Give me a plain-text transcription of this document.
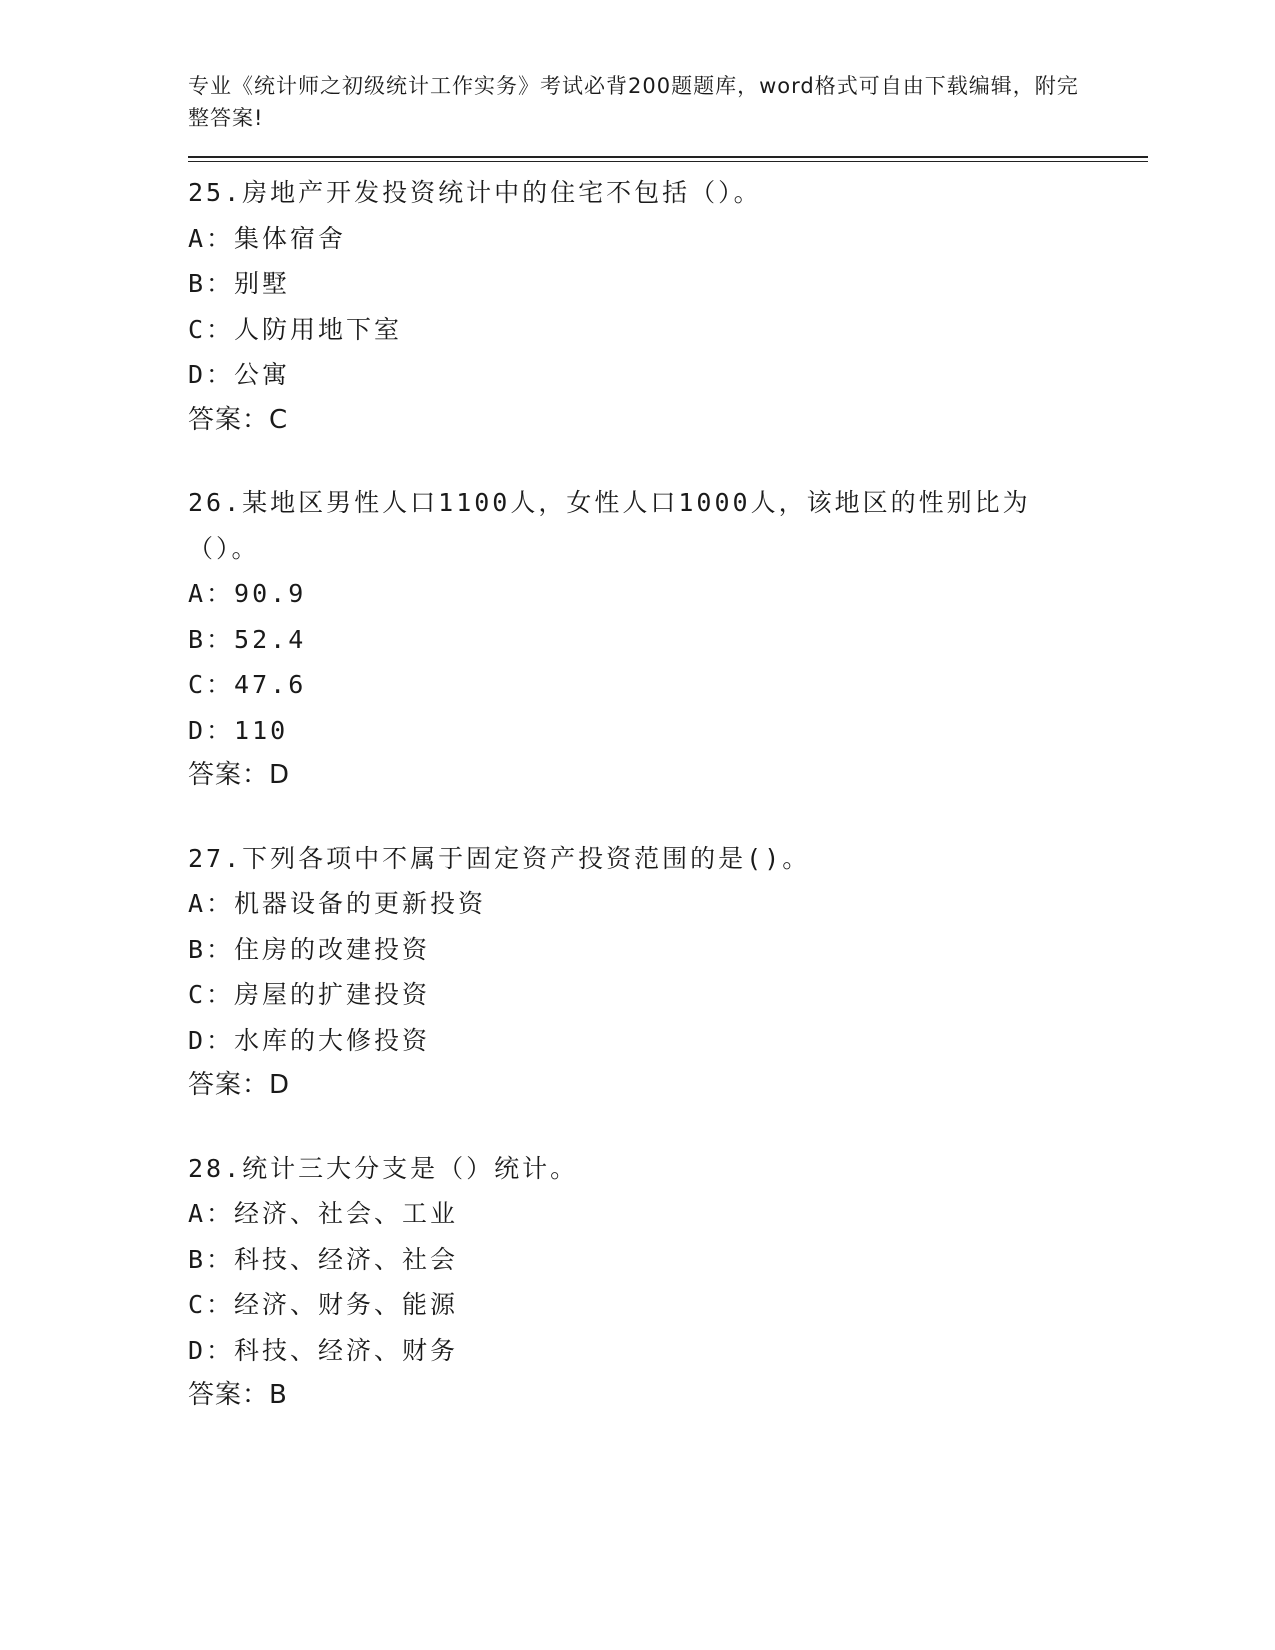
专业《统计师之初级统计工作实务》考试必背200题题库，word格式可自由下载编辑，附完整答案!
25.房地产开发投资统计中的住宅不包括（）。
A：集体宿舍
B：别墅
C：人防用地下室
D：公寓
答案：C
26.某地区男性人口1100人，女性人口1000人，该地区的性别比为（）。
A：90.9
B：52.4
C：47.6
D：110
答案：D
27.下列各项中不属于固定资产投资范围的是()。
A：机器设备的更新投资
B：住房的改建投资
C：房屋的扩建投资
D：水库的大修投资
答案：D
28.统计三大分支是（）统计。
A：经济、社会、工业
B：科技、经济、社会
C：经济、财务、能源
D：科技、经济、财务
答案：B
